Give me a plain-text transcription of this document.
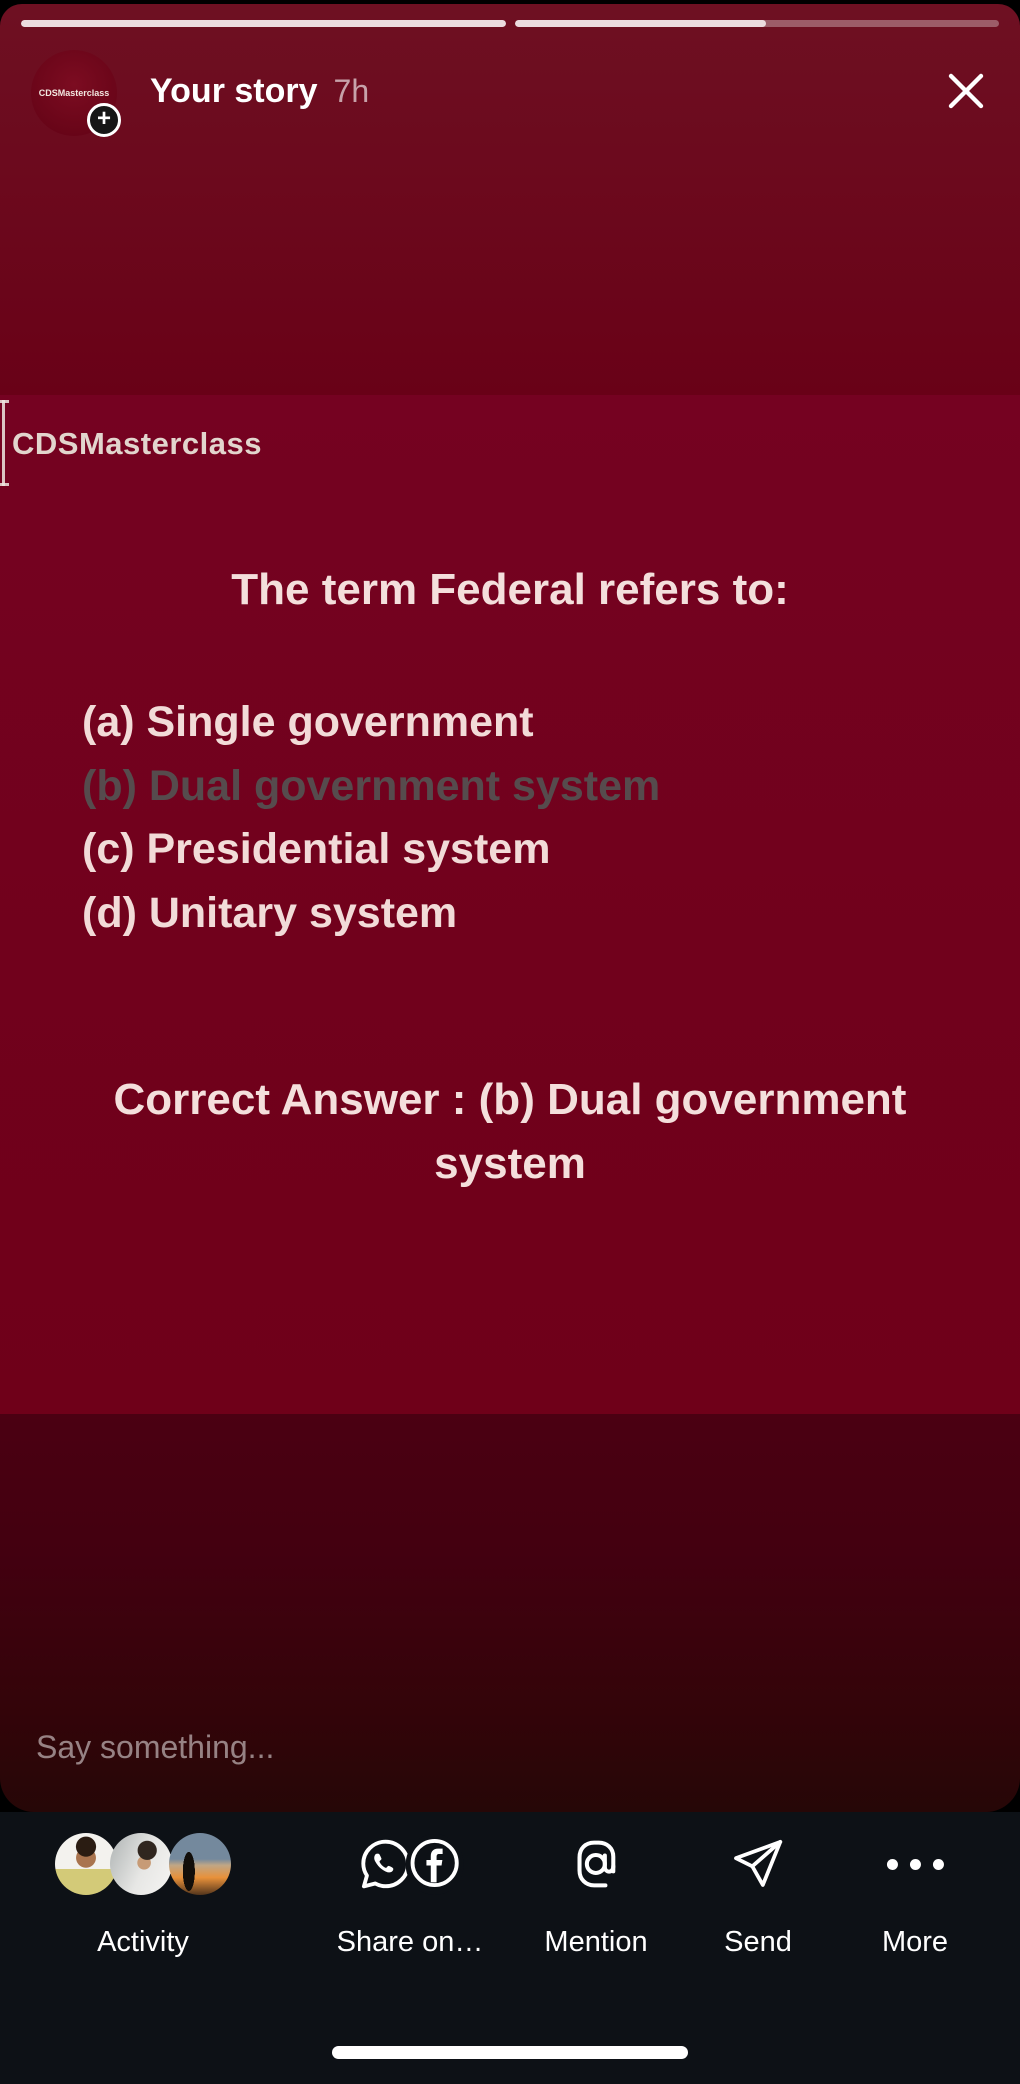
CDSMasterclass
+
Your story 7h
CDSMasterclass
The term Federal refers to:
(a) Single government
(b) Dual government system
(c) Presidential system
(d) Unitary system
Correct Answer : (b) Dual government
system
Say something...
Activity	Share on… Mention	Send	More
